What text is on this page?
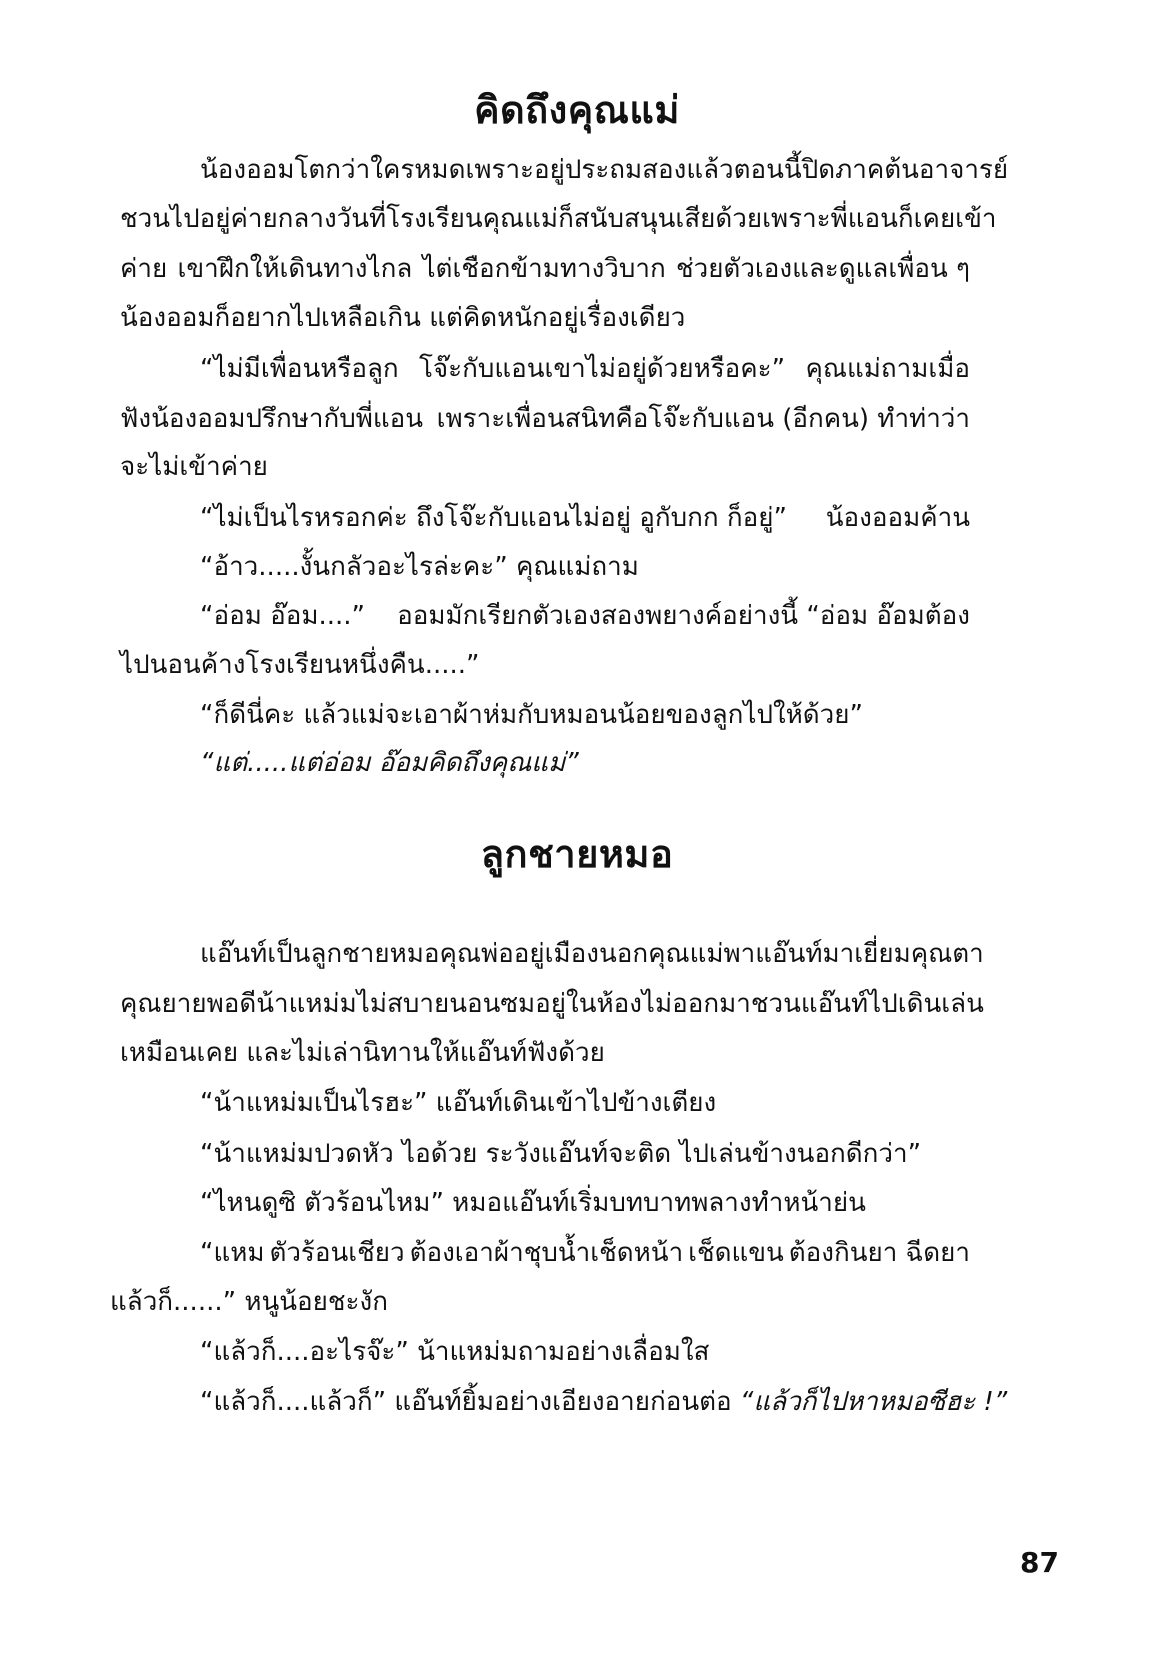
คิดถึงคุณแม่
น้องออมโตกว่าใครหมดเพราะอยู่ประถมสองแล้ว ตอนนี้ปิดภาคต้นอาจารย์
ชวนไปอยู่ค่ายกลางวันที่โรงเรียน คุณแม่ก็สนับสนุนเสียด้วยเพราะพี่แอนก็เคยเข้า
ค่าย เขาฝึกให้เดินทางไกล ไต่เชือกข้ามทางวิบาก ช่วยตัวเองและดูแลเพื่อน ๆ
น้องออมก็อยากไปเหลือเกิน แต่คิดหนักอยู่เรื่องเดียว
“ไม่มีเพื่อนหรือลูก โจ๊ะกับแอนเขาไม่อยู่ด้วยหรือคะ” คุณแม่ถามเมื่อ
ฟังน้องออมปรึกษากับพี่แอน เพราะเพื่อนสนิทคือโจ๊ะกับแอน (อีกคน) ทำท่าว่า
จะไม่เข้าค่าย
“ไม่เป็นไรหรอกค่ะ ถึงโจ๊ะกับแอนไม่อยู่ อูกับกก ก็อยู่” น้องออมค้าน
“อ้าว.....งั้นกลัวอะไรล่ะคะ” คุณแม่ถาม
“อ่อม อ๊อม....” ออมมักเรียกตัวเองสองพยางค์อย่างนี้ “อ่อม อ๊อมต้อง
ไปนอนค้างโรงเรียนหนึ่งคืน.....”
“ก็ดีนี่คะ แล้วแม่จะเอาผ้าห่มกับหมอนน้อยของลูกไปให้ด้วย”
“แต่.....แต่อ่อม อ๊อมคิดถึงคุณแม่”
ลูกชายหมอ
แอ๊นท์เป็นลูกชายหมอ คุณพ่ออยู่เมืองนอก คุณแม่พาแอ๊นท์มาเยี่ยมคุณตา
คุณยาย พอดีน้าแหม่มไม่สบาย นอนซมอยู่ในห้อง ไม่ออกมาชวนแอ๊นท์ไปเดินเล่น
เหมือนเคย และไม่เล่านิทานให้แอ๊นท์ฟังด้วย
“น้าแหม่มเป็นไรฮะ” แอ๊นท์เดินเข้าไปข้างเตียง
“น้าแหม่มปวดหัว ไอด้วย ระวังแอ๊นท์จะติด ไปเล่นข้างนอกดีกว่า”
“ไหนดูซิ ตัวร้อนไหม” หมอแอ๊นท์เริ่มบทบาทพลางทำหน้าย่น
“แหม ตัวร้อนเชียว ต้องเอาผ้าชุบน้ำเช็ดหน้า เช็ดแขน ต้องกินยา ฉีดยา
แล้วก็......” หนูน้อยชะงัก
“แล้วก็....อะไรจ๊ะ” น้าแหม่มถามอย่างเลื่อมใส
“แล้วก็....แล้วก็” แอ๊นท์ยิ้มอย่างเอียงอายก่อนต่อ “แล้วก็ไปหาหมอซีฮะ !”
87
